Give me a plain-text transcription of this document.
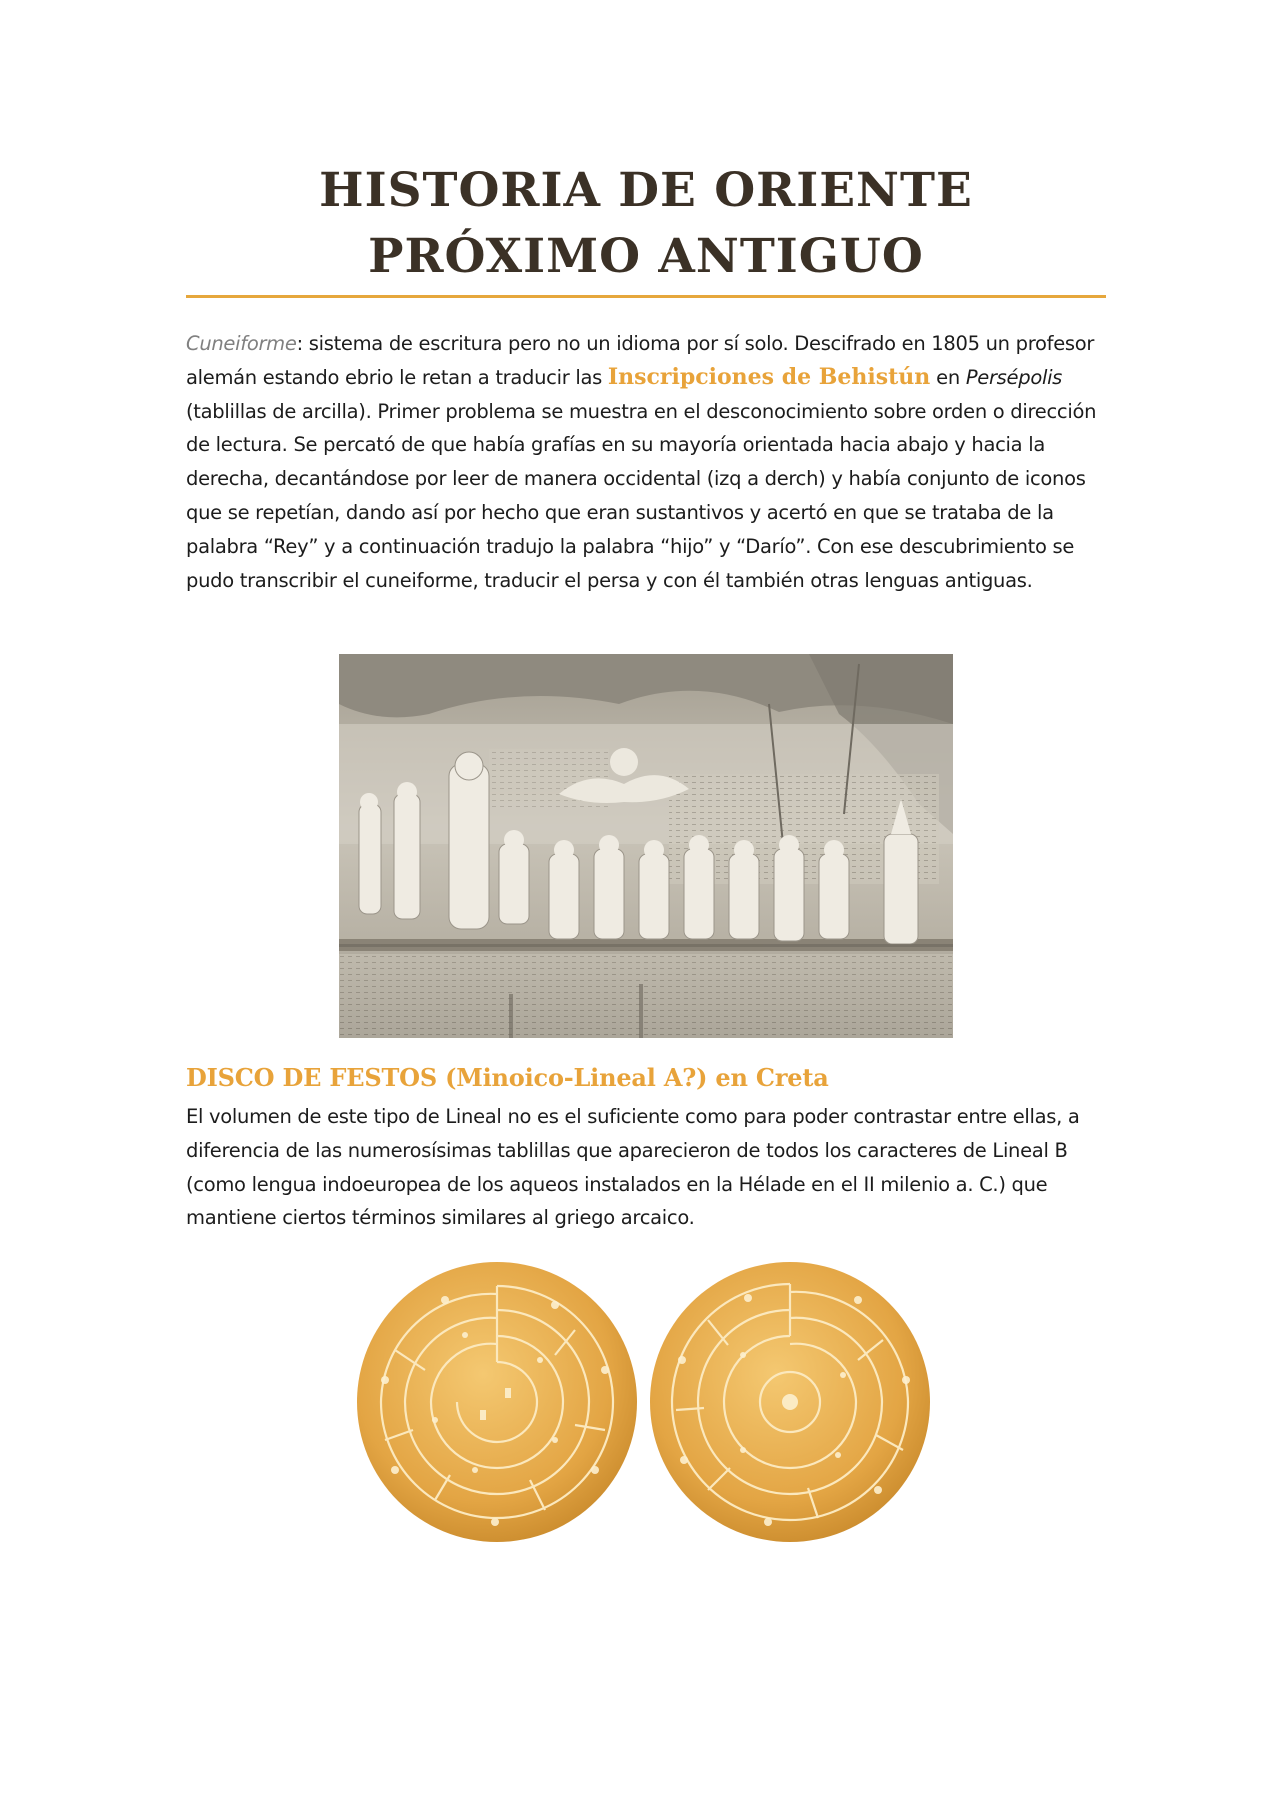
HISTORIA DE ORIENTE PRÓXIMO ANTIGUO

Cuneiforme: sistema de escritura pero no un idioma por sí solo. Descifrado en 1805 un profesor alemán estando ebrio le retan a traducir las Inscripciones de Behistún en Persépolis (tablillas de arcilla). Primer problema se muestra en el desconocimiento sobre orden o dirección de lectura. Se percató de que había grafías en su mayoría orientada hacia abajo y hacia la derecha, decantándose por leer de manera occidental (izq a derch) y había conjunto de iconos que se repetían, dando así por hecho que eran sustantivos y acertó en que se trataba de la palabra “Rey” y a continuación tradujo la palabra “hijo” y “Darío”. Con ese descubrimiento se pudo transcribir el cuneiforme, traducir el persa y con él también otras lenguas antiguas.

DISCO DE FESTOS (Minoico-Lineal A?) en Creta

El volumen de este tipo de Lineal no es el suficiente como para poder contrastar entre ellas, a diferencia de las numerosísimas tablillas que aparecieron de todos los caracteres de Lineal B (como lengua indoeuropea de los aqueos instalados en la Hélade en el II milenio a. C.) que mantiene ciertos términos similares al griego arcaico.
